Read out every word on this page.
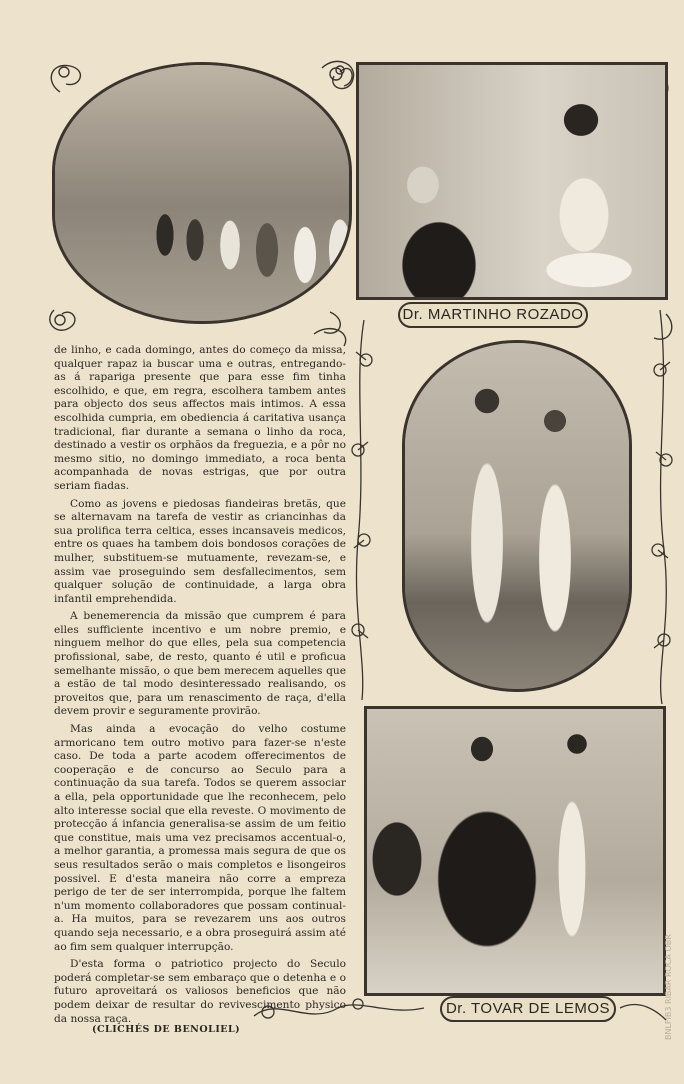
Dr. MARTINHO ROZADO
Dr. TOVAR DE LEMOS

de linho, e cada domingo, antes do começo da missa, qualquer rapaz ia buscar uma e outras, entregando-as á rapariga presente que para esse fim tinha escolhido, e que, em regra, escolhera tambem antes para objecto dos seus affectos mais intimos. A essa escolhida cumpria, em obediencia á caritativa usança tradicional, fiar durante a semana o linho da roca, destinado a vestir os orphãos da freguezia, e a pôr no mesmo sitio, no domingo immediato, a roca benta acompanhada de novas estrigas, que por outra seriam fiadas.

Como as jovens e piedosas fiandeiras bretãs, que se alternavam na tarefa de vestir as criancinhas da sua prolifica terra celtica, esses incansaveis medicos, entre os quaes ha tambem dois bondosos corações de mulher, substituem-se mutuamente, revezam-se, e assim vae proseguindo sem desfallecimentos, sem qualquer solução de continuidade, a larga obra infantil emprehendida.

A benemerencia da missão que cumprem é para elles sufficiente incentivo e um nobre premio, e ninguem melhor do que elles, pela sua competencia profissional, sabe, de resto, quanto é util e proficua semelhante missão, o que bem merecem aquelles que a estão de tal modo desinteressado realisando, os proveitos que, para um renascimento de raça, d'ella devem provir e seguramente provirão.

Mas ainda a evocação do velho costume armoricano tem outro motivo para fazer-se n'este caso. De toda a parte acodem offerecimentos de cooperação e de concurso ao Seculo para a continuação da sua tarefa. Todos se querem associar a ella, pela opportunidade que lhe reconhecem, pelo alto interesse social que ella reveste. O movimento de protecção á infancia generalisa-se assim de um feitio que constitue, mais uma vez precisamos accentual-o, a melhor garantia, a promessa mais segura de que os seus resultados serão o mais completos e lisongeiros possivel. E d'esta maneira não corre a empreza perigo de ter de ser interrompida, porque lhe faltem n'um momento collaboradores que possam continual-a. Ha muitos, para se revezarem uns aos outros quando seja necessario, e a obra proseguirá assim até ao fim sem qualquer interrupção.

D'esta forma o patriotico projecto do Seculo poderá completar-se sem embaraço que o detenha e o futuro aproveitará os valiosos beneficios que não podem deixar de resultar do revivescimento physico da nossa raça.

(CLICHÉS DE BENOLIEL)	BNLFIB3 RIBAR ROCA OBR
